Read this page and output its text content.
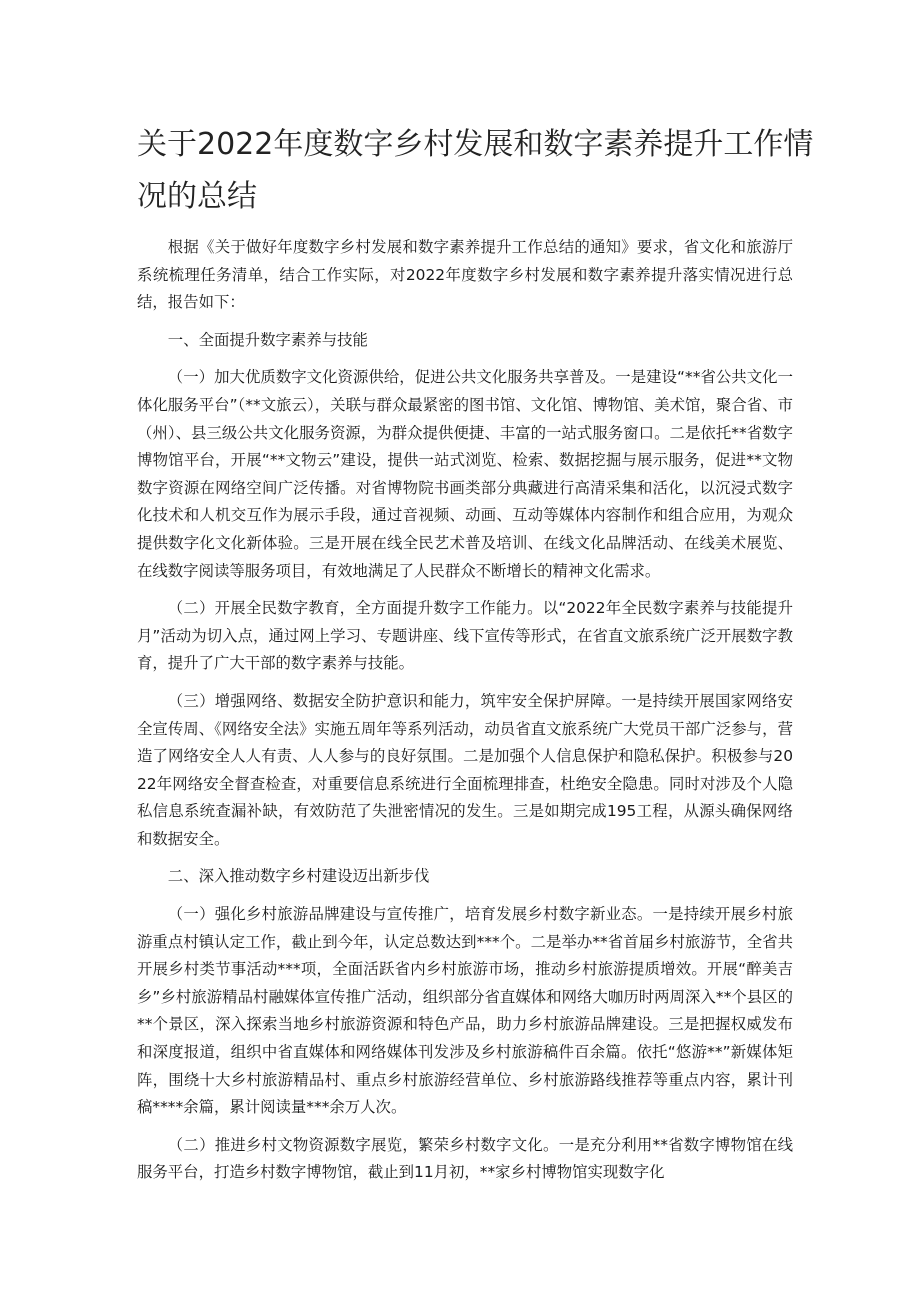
关于2022年度数字乡村发展和数字素养提升工作情
况的总结

根据《关于做好年度数字乡村发展和数字素养提升工作总结的通知》要求，省文化和旅游厅系统梳理任务清单，结合工作实际，对2022年度数字乡村发展和数字素养提升落实情况进行总结，报告如下：

一、全面提升数字素养与技能

（一）加大优质数字文化资源供给，促进公共文化服务共享普及。一是建设“**省公共文化一体化服务平台”（**文旅云），关联与群众最紧密的图书馆、文化馆、博物馆、美术馆，聚合省、市（州）、县三级公共文化服务资源，为群众提供便捷、丰富的一站式服务窗口。二是依托**省数字博物馆平台，开展“**文物云”建设，提供一站式浏览、检索、数据挖掘与展示服务，促进**文物数字资源在网络空间广泛传播。对省博物院书画类部分典藏进行高清采集和活化，以沉浸式数字化技术和人机交互作为展示手段，通过音视频、动画、互动等媒体内容制作和组合应用，为观众提供数字化文化新体验。三是开展在线全民艺术普及培训、在线文化品牌活动、在线美术展览、在线数字阅读等服务项目，有效地满足了人民群众不断增长的精神文化需求。

（二）开展全民数字教育，全方面提升数字工作能力。以“2022年全民数字素养与技能提升月”活动为切入点，通过网上学习、专题讲座、线下宣传等形式，在省直文旅系统广泛开展数字教育，提升了广大干部的数字素养与技能。

（三）增强网络、数据安全防护意识和能力，筑牢安全保护屏障。一是持续开展国家网络安全宣传周、《网络安全法》实施五周年等系列活动，动员省直文旅系统广大党员干部广泛参与，营造了网络安全人人有责、人人参与的良好氛围。二是加强个人信息保护和隐私保护。积极参与2022年网络安全督查检查，对重要信息系统进行全面梳理排查，杜绝安全隐患。同时对涉及个人隐私信息系统查漏补缺，有效防范了失泄密情况的发生。三是如期完成195工程，从源头确保网络和数据安全。

二、深入推动数字乡村建设迈出新步伐

（一）强化乡村旅游品牌建设与宣传推广，培育发展乡村数字新业态。一是持续开展乡村旅游重点村镇认定工作，截止到今年，认定总数达到***个。二是举办**省首届乡村旅游节，全省共开展乡村类节事活动***项，全面活跃省内乡村旅游市场，推动乡村旅游提质增效。开展“醉美吉乡”乡村旅游精品村融媒体宣传推广活动，组织部分省直媒体和网络大咖历时两周深入**个县区的**个景区，深入探索当地乡村旅游资源和特色产品，助力乡村旅游品牌建设。三是把握权威发布和深度报道，组织中省直媒体和网络媒体刊发涉及乡村旅游稿件百余篇。依托“悠游**”新媒体矩阵，围绕十大乡村旅游精品村、重点乡村旅游经营单位、乡村旅游路线推荐等重点内容，累计刊稿****余篇，累计阅读量***余万人次。

（二）推进乡村文物资源数字展览，繁荣乡村数字文化。一是充分利用**省数字博物馆在线服务平台，打造乡村数字博物馆，截止到11月初，**家乡村博物馆实现数字化
